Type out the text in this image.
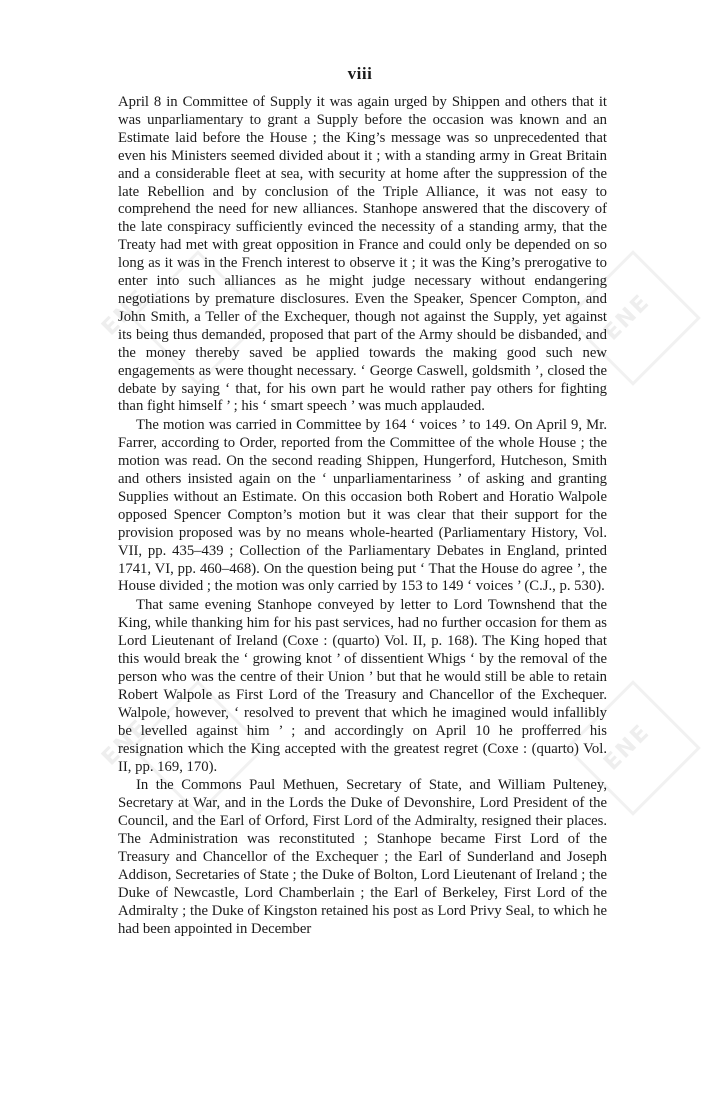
ENE	ENE
ENE	ENE
viii

April 8 in Committee of Supply it was again urged by Shippen and others that it was unparliamentary to grant a Supply before the occasion was known and an Estimate laid before the House ; the King’s message was so unprecedented that even his Ministers seemed divided about it ; with a standing army in Great Britain and a considerable fleet at sea, with security at home after the suppression of the late Rebellion and by conclusion of the Triple Alliance, it was not easy to comprehend the need for new alliances. Stanhope answered that the discovery of the late conspiracy sufficiently evinced the necessity of a standing army, that the Treaty had met with great opposition in France and could only be depended on so long as it was in the French interest to observe it ; it was the King’s prerogative to enter into such alliances as he might judge necessary without endangering negotiations by premature disclosures. Even the Speaker, Spencer Compton, and John Smith, a Teller of the Exchequer, though not against the Supply, yet against its being thus demanded, proposed that part of the Army should be disbanded, and the money thereby saved be applied towards the making good such new engagements as were thought necessary. ‘ George Caswell, goldsmith ’, closed the debate by saying ‘ that, for his own part he would rather pay others for fighting than fight himself ’ ; his ‘ smart speech ’ was much applauded.

The motion was carried in Committee by 164 ‘ voices ’ to 149. On April 9, Mr. Farrer, according to Order, reported from the Committee of the whole House ; the motion was read. On the second reading Shippen, Hungerford, Hutcheson, Smith and others insisted again on the ‘ unparliamentariness ’ of asking and granting Supplies without an Estimate. On this occasion both Robert and Horatio Walpole opposed Spencer Compton’s motion but it was clear that their support for the provision proposed was by no means whole-hearted (Parliamentary History, Vol. VII, pp. 435–439 ; Collection of the Parliamentary Debates in England, printed 1741, VI, pp. 460–468). On the question being put ‘ That the House do agree ’, the House divided ; the motion was only carried by 153 to 149 ‘ voices ’ (C.J., p. 530).

That same evening Stanhope conveyed by letter to Lord Townshend that the King, while thanking him for his past services, had no further occasion for them as Lord Lieutenant of Ireland (Coxe : (quarto) Vol. II, p. 168). The King hoped that this would break the ‘ growing knot ’ of dissentient Whigs ‘ by the removal of the person who was the centre of their Union ’ but that he would still be able to retain Robert Walpole as First Lord of the Treasury and Chancellor of the Exchequer. Walpole, however, ‘ resolved to prevent that which he imagined would infallibly be levelled against him ’ ; and accordingly on April 10 he profferred his resignation which the King accepted with the greatest regret (Coxe : (quarto) Vol. II, pp. 169, 170).

In the Commons Paul Methuen, Secretary of State, and William Pulteney, Secretary at War, and in the Lords the Duke of Devonshire, Lord President of the Council, and the Earl of Orford, First Lord of the Admiralty, resigned their places. The Administration was reconstituted ; Stanhope became First Lord of the Treasury and Chancellor of the Exchequer ; the Earl of Sunderland and Joseph Addison, Secretaries of State ; the Duke of Bolton, Lord Lieutenant of Ireland ; the Duke of Newcastle, Lord Chamberlain ; the Earl of Berkeley, First Lord of the Admiralty ; the Duke of Kingston retained his post as Lord Privy Seal, to which he had been appointed in December
